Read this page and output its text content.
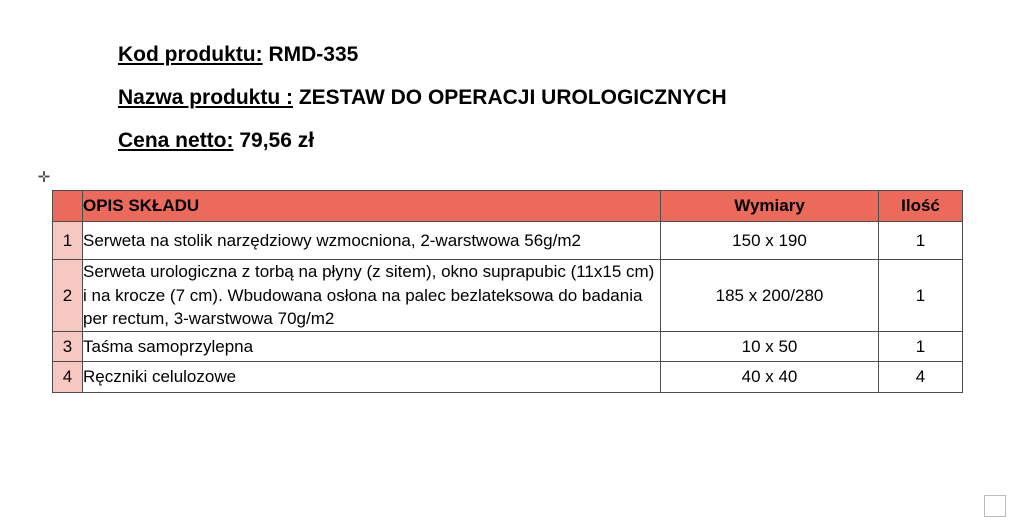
Kod produktu: RMD-335
Nazwa produktu : ZESTAW DO OPERACJI UROLOGICZNYCH
Cena netto: 79,56 zł
✛
	OPIS SKŁADU	Wymiary	Ilość
1	Serweta na stolik narzędziowy wzmocniona, 2-warstwowa 56g/m2	150 x 190	1
2	Serweta urologiczna z torbą na płyny (z sitem), okno suprapubic (11x15 cm) i na krocze (7 cm). Wbudowana osłona na palec bezlateksowa do badania per rectum, 3-warstwowa 70g/m2	185 x 200/280	1
3	Taśma samoprzylepna	10 x 50	1
4	Ręczniki celulozowe	40 x 40	4
